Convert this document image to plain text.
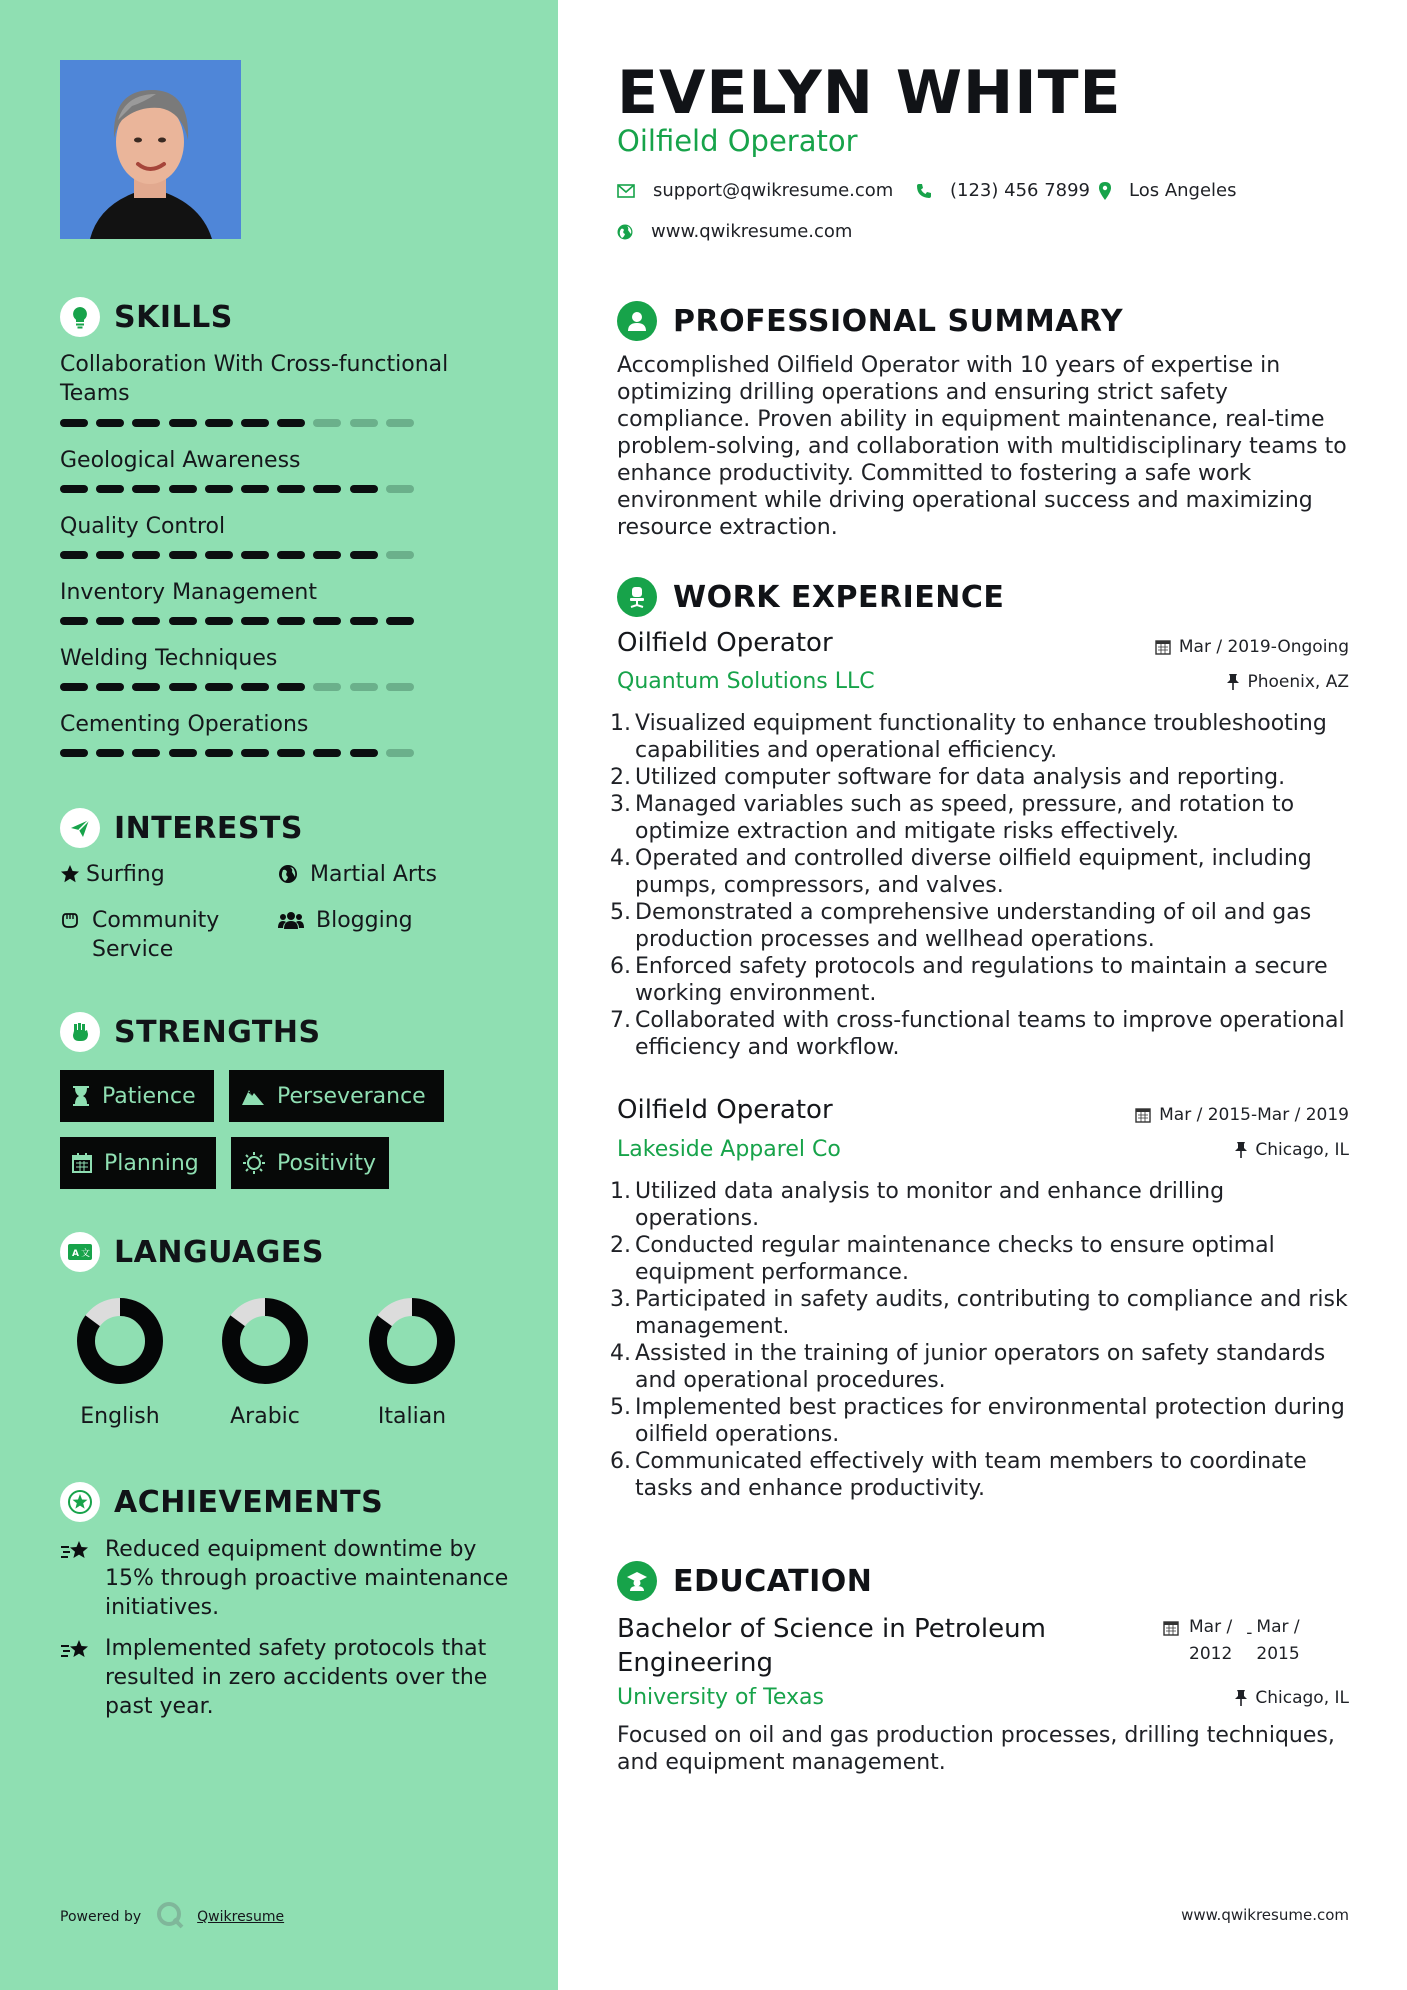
SKILLS
Collaboration With Cross-functional Teams
Geological Awareness
Quality Control
Inventory Management
Welding Techniques
Cementing Operations
INTERESTS
Surfing	Martial Arts
Community Service
Blogging
STRENGTHS
Patience	Perseverance
Planning	Positivity
A 文 LANGUAGES
English	Arabic	Italian
ACHIEVEMENTS
Reduced equipment downtime by 15% through proactive maintenance initiatives.
Implemented safety protocols that resulted in zero accidents over the past year.
Powered by	Qwikresume
EVELYN WHITE
Oilfield Operator
support@qwikresume.com	(123) 456 7899 Los Angeles
www.qwikresume.com
PROFESSIONAL SUMMARY
Accomplished Oilfield Operator with 10 years of expertise in optimizing drilling operations and ensuring strict safety compliance. Proven ability in equipment maintenance, real-time problem-solving, and collaboration with multidisciplinary teams to enhance productivity. Committed to fostering a safe work environment while driving operational success and maximizing resource extraction.
WORK EXPERIENCE
Oilfield Operator
Quantum Solutions LLC
Mar / 2019-Ongoing
Phoenix, AZ
1. Visualized equipment functionality to enhance troubleshooting capabilities and operational efficiency.
2. Utilized computer software for data analysis and reporting.
3. Managed variables such as speed, pressure, and rotation to optimize extraction and mitigate risks effectively.
4. Operated and controlled diverse oilfield equipment, including pumps, compressors, and valves.
5. Demonstrated a comprehensive understanding of oil and gas production processes and wellhead operations.
6. Enforced safety protocols and regulations to maintain a secure working environment.
7. Collaborated with cross-functional teams to improve operational efficiency and workflow.
Oilfield Operator
Lakeside Apparel Co
Mar / 2015-Mar / 2019
Chicago, IL
1. Utilized data analysis to monitor and enhance drilling operations.
2. Conducted regular maintenance checks to ensure optimal equipment performance.
3. Participated in safety audits, contributing to compliance and risk management.
4. Assisted in the training of junior operators on safety standards and operational procedures.
5. Implemented best practices for environmental protection during oilfield operations.
6. Communicated effectively with team members to coordinate tasks and enhance productivity.
EDUCATION
Bachelor of Science in Petroleum Engineering
Mar /
2012
- Mar /
2015
University of Texas	Chicago, IL
Focused on oil and gas production processes, drilling techniques, and equipment management.
www.qwikresume.com
